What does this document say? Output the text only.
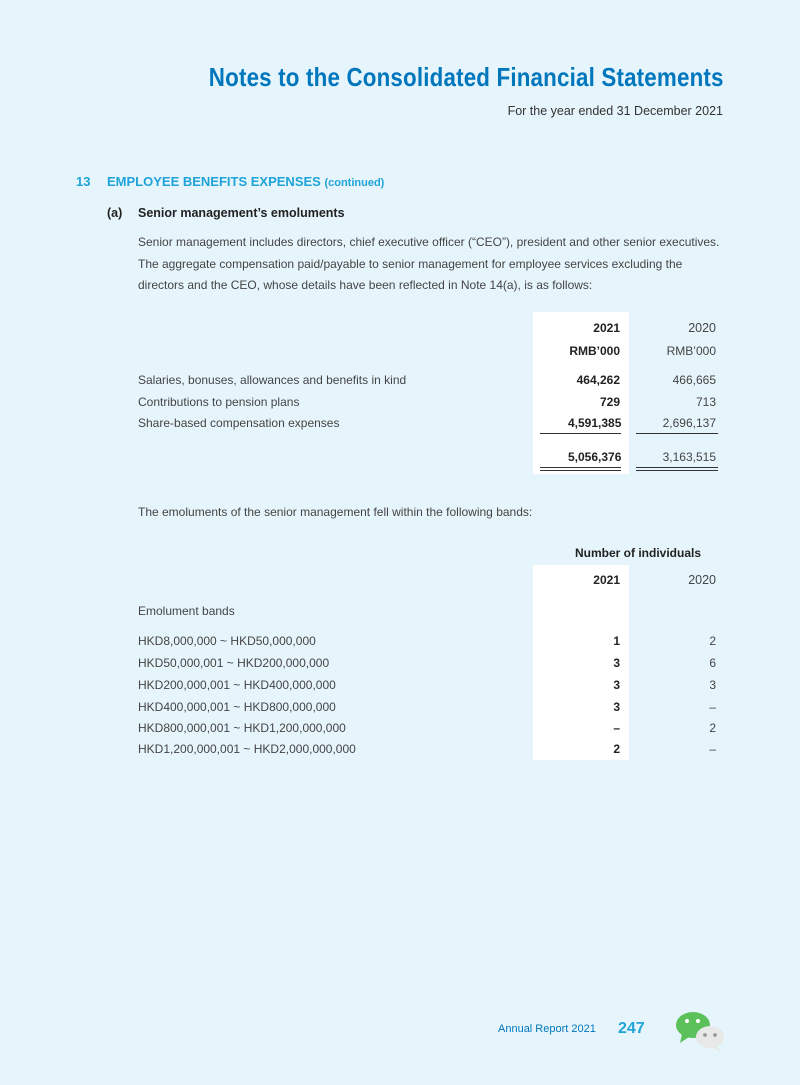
Notes to the Consolidated Financial Statements
For the year ended 31 December 2021
13 EMPLOYEE BENEFITS EXPENSES (continued)
(a) Senior management’s emoluments
Senior management includes directors, chief executive officer (“CEO”), president and other senior executives. The aggregate compensation paid/payable to senior management for employee services excluding the directors and the CEO, whose details have been reflected in Note 14(a), is as follows:
2021	2020
RMB’000	RMB’000
Salaries, bonuses, allowances and benefits in kind	464,262	466,665
Contributions to pension plans	729	713
Share-based compensation expenses	4,591,385	2,696,137
5,056,376	3,163,515
The emoluments of the senior management fell within the following bands:
Number of individuals
2021	2020
Emolument bands
HKD8,000,000 ~ HKD50,000,000	1	2
HKD50,000,001 ~ HKD200,000,000	3	6
HKD200,000,001 ~ HKD400,000,000	3	3
HKD400,000,001 ~ HKD800,000,000	3	–
HKD800,000,001 ~ HKD1,200,000,000	–	2
HKD1,200,000,001 ~ HKD2,000,000,000	2	–
Annual Report 2021 247
